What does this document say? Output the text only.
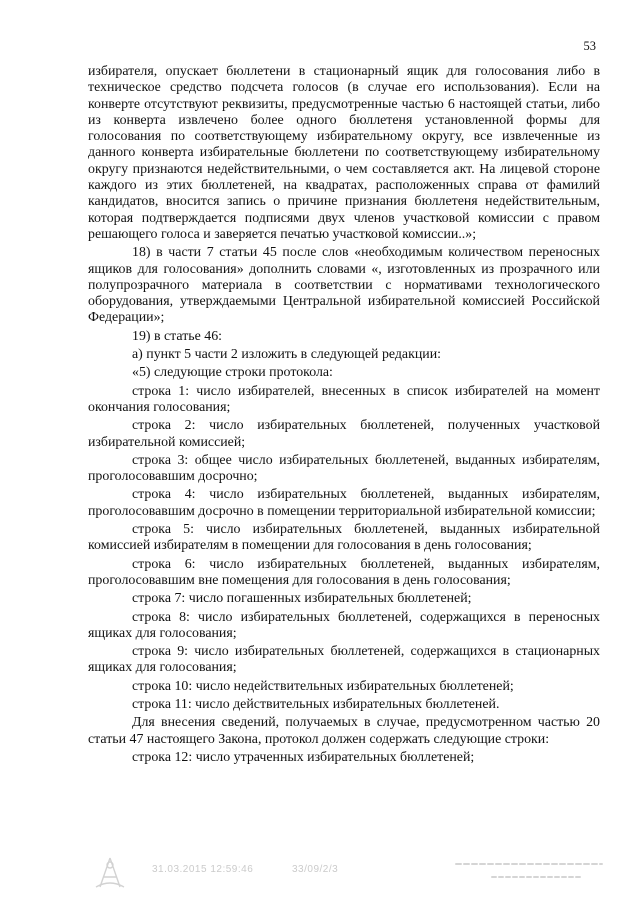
53

избирателя, опускает бюллетени в стационарный ящик для голосования либо в техническое средство подсчета голосов (в случае его использования). Если на конверте отсутствуют реквизиты, предусмотренные частью 6 настоящей статьи, либо из конверта извлечено более одного бюллетеня установленной формы для голосования по соответствующему избирательному округу, все извлеченные из данного конверта избирательные бюллетени по соответствующему избирательному округу признаются недействительными, о чем составляется акт. На лицевой стороне каждого из этих бюллетеней, на квадратах, расположенных справа от фамилий кандидатов, вносится запись о причине признания бюллетеня недействительным, которая подтверждается подписями двух членов участковой комиссии с правом решающего голоса и заверяется печатью участковой комиссии..»;

18) в части 7 статьи 45 после слов «необходимым количеством переносных ящиков для голосования» дополнить словами «, изготовленных из прозрачного или полупрозрачного материала в соответствии с нормативами технологического оборудования, утверждаемыми Центральной избирательной комиссией Российской Федерации»;

19) в статье 46:

а) пункт 5 части 2 изложить в следующей редакции:

«5) следующие строки протокола:

строка 1: число избирателей, внесенных в список избирателей на момент окончания голосования;

строка 2: число избирательных бюллетеней, полученных участковой избирательной комиссией;

строка 3: общее число избирательных бюллетеней, выданных избирателям, проголосовавшим досрочно;

строка 4: число избирательных бюллетеней, выданных избирателям, проголосовавшим досрочно в помещении территориальной избирательной комиссии;

строка 5: число избирательных бюллетеней, выданных избирательной комиссией избирателям в помещении для голосования в день голосования;

строка 6: число избирательных бюллетеней, выданных избирателям, проголосовавшим вне помещения для голосования в день голосования;

строка 7: число погашенных избирательных бюллетеней;

строка 8: число избирательных бюллетеней, содержащихся в переносных ящиках для голосования;

строка 9: число избирательных бюллетеней, содержащихся в стационарных ящиках для голосования;

строка 10: число недействительных избирательных бюллетеней;

строка 11: число действительных избирательных бюллетеней.

Для внесения сведений, получаемых в случае, предусмотренном частью 20 статьи 47 настоящего Закона, протокол должен содержать следующие строки:

строка 12: число утраченных избирательных бюллетеней;

31.03.2015 12:59:46	33/09/2/3
